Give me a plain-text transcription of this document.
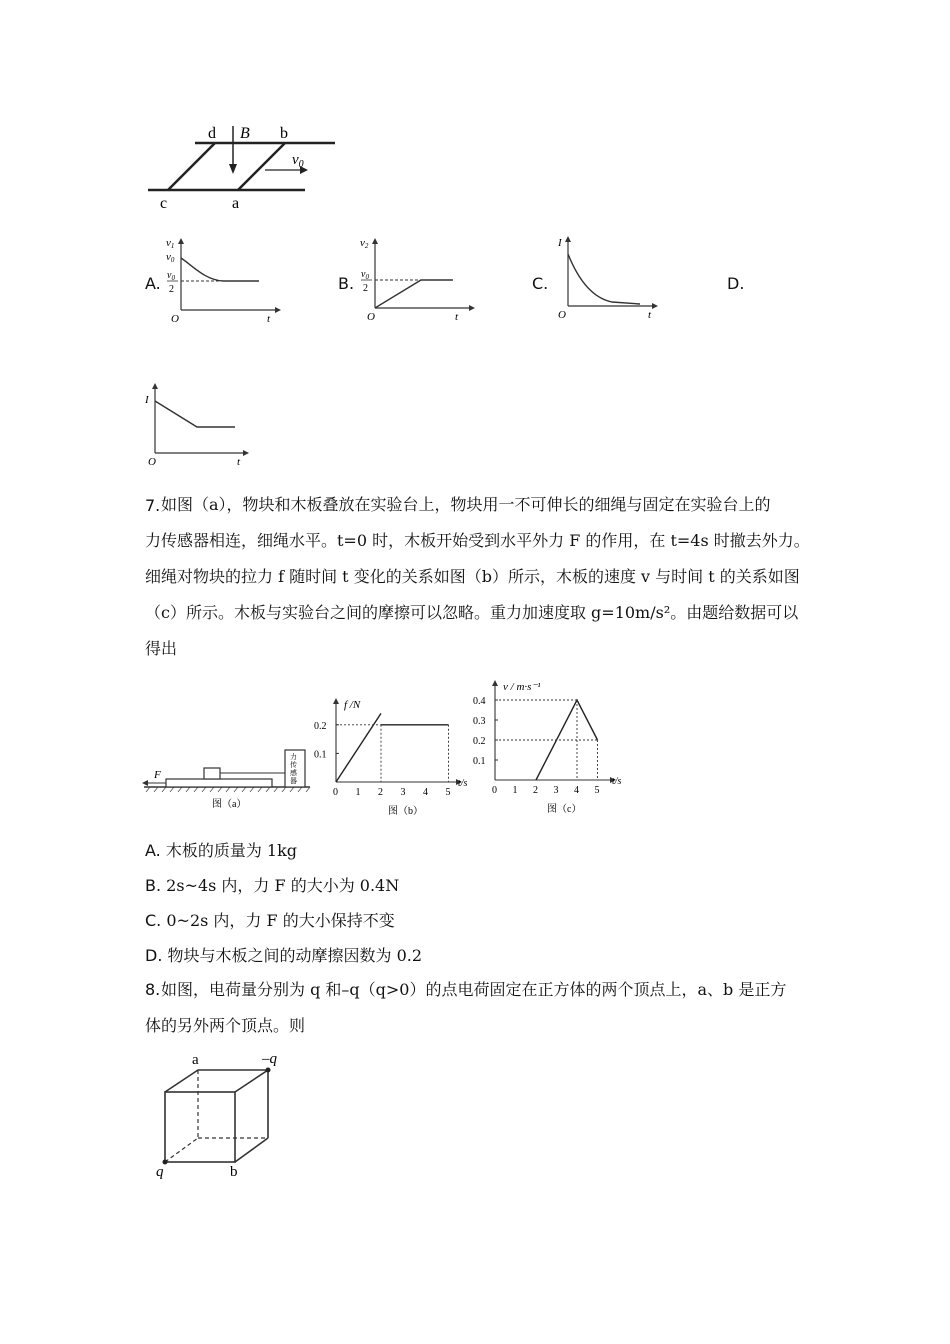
d B b
$v_0$
c	a
A.
v1
v0
$v_0$
2
O	t
B.
v2
$v_0$
2
O	t
C.
I
O	t
D.
I
O	t
7. 如图（a），物块和木板叠放在实验台上，物块用一不可伸长的细绳与固定在实验台上的
力传感器相连，细绳水平。t=0 时，木板开始受到水平外力 F 的作用，在 t=4s 时撤去外力。
细绳对物块的拉力 f 随时间 t 变化的关系如图（b）所示，木板的速度 v 与时间 t 的关系如图
（c）所示。木板与实验台之间的摩擦可以忽略。重力加速度取 g=10m/s²。由题给数据可以
得出
力
传
感
器
F
图（a）
0 1 2 3 4 5
0.1
0.2
f /N
t/s
图（b）
0 1 2 3 4 5
0.1
0.2
0.3
0.4
v / m·s⁻¹
t/s
图（c）
A. 木板的质量为 1kg
B. 2s~4s 内，力 F 的大小为 0.4N
C. 0~2s 内，力 F 的大小保持不变
D. 物块与木板之间的动摩擦因数为 0.2
8. 如图，电荷量分别为 q 和–q（q>0）的点电荷固定在正方体的两个顶点上，a、b 是正方
体的另外两个顶点。则
a	–q
q	b
